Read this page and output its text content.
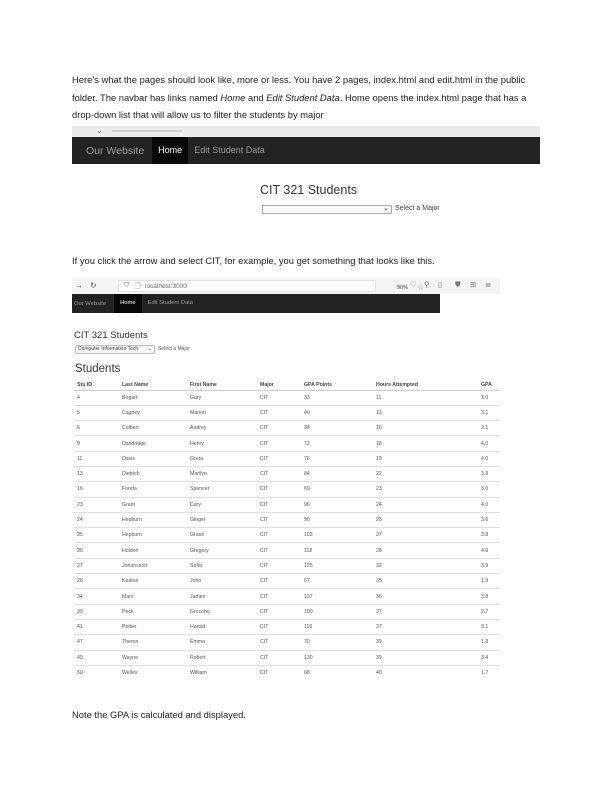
Here’s what the pages should look like, more or less. You have 2 pages, index.html and edit.html in the public folder. The navbar has links named Home and Edit Student Data. Home opens the index.html page that has a drop-down list that will allow us to filter the students by major

⌄
Our Website	Home	Edit Student Data
CIT 321 Students
⌄ Select a Major

If you click the arrow and select CIT, for example, you get something that looks like this.

→ ↻	⛉ 🗋 localhost:3000	90% ☆
♡ ⚲ ▯ ⛊ ⊞ ≣
Our Website	Home	Edit Student Data
CIT 321 Students
Computer Information Tech ⌄ Select a Major
Students
Stu ID	Last Name	First Name	Major	GPA Points	Hours Attempted	GPA
4	Bogart	Gary	CIT	33	11	3.0
5	Cagney	Marion	CIT	40	13	3.1
6	Colbert	Audrey	CIT	34	16	2.1
9	Dandridge	Henry	CIT	72	18	4.0
11	Davis	Greta	CIT	76	19	4.0
13	Dietrich	Marilyn	CIT	84	22	3.8
16	Fonda	Spencer	CIT	69	23	3.0
23	Grant	Cary	CIT	96	24	4.0
24	Hepburn	Ginger	CIT	90	25	3.6
25	Hepburn	Grace	CIT	103	27	3.8
26	Holden	Gregory	CIT	112	28	4.0
27	Johansson	Sofia	CIT	125	32	3.9
28	Keaton	John	CIT	67	35	1.9
34	Marx	James	CIT	137	36	3.8
39	Peck	Groucho	CIT	100	37	2.7
41	Poitier	Harold	CIT	116	37	3.1
47	Theron	Emma	CIT	70	39	1.8
49	Wayne	Robert	CIT	130	39	3.4
50	Welles	William	CIT	68	40	1.7

Note the GPA is calculated and displayed.
